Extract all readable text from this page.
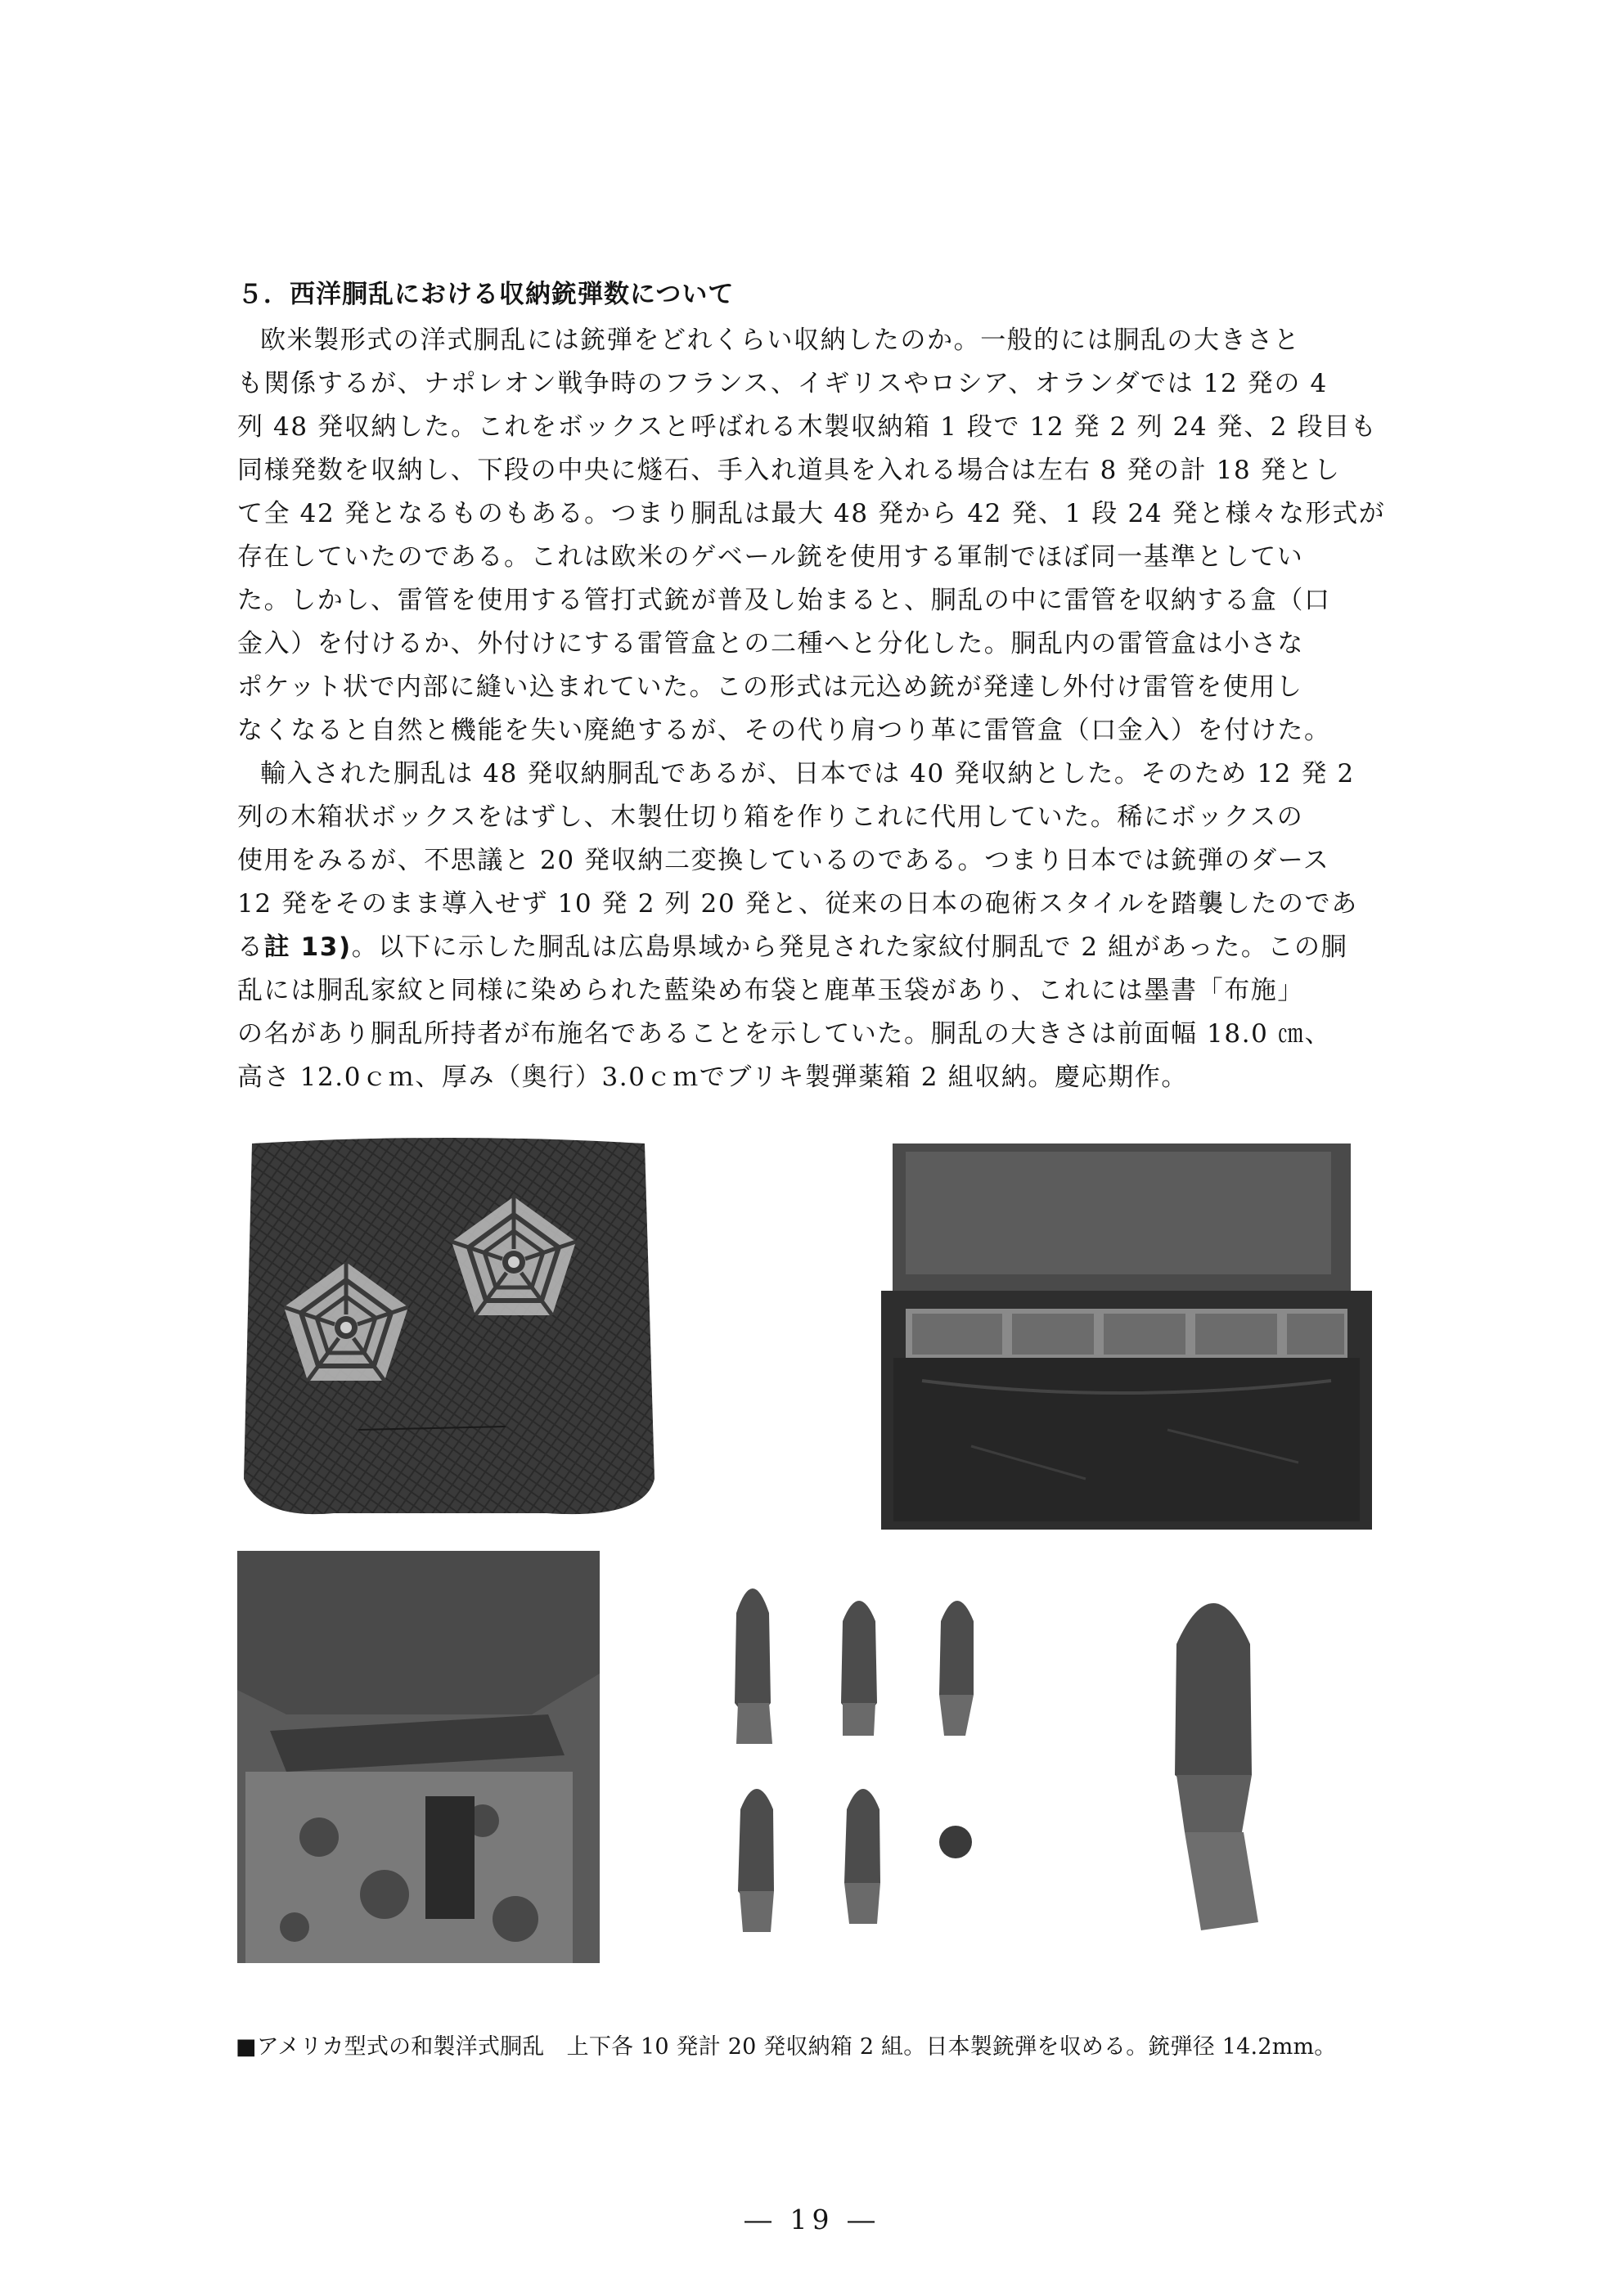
５．西洋胴乱における収納銃弾数について
欧米製形式の洋式胴乱には銃弾をどれくらい収納したのか。一般的には胴乱の大きさと
も関係するが、ナポレオン戦争時のフランス、イギリスやロシア、オランダでは 12 発の 4
列 48 発収納した。これをボックスと呼ばれる木製収納箱 1 段で 12 発 2 列 24 発、2 段目も
同様発数を収納し、下段の中央に燧石、手入れ道具を入れる場合は左右 8 発の計 18 発とし
て全 42 発となるものもある。つまり胴乱は最大 48 発から 42 発、1 段 24 発と様々な形式が
存在していたのである。これは欧米のゲベール銃を使用する軍制でほぼ同一基準としてい
た。しかし、雷管を使用する管打式銃が普及し始まると、胴乱の中に雷管を収納する盒（口
金入）を付けるか、外付けにする雷管盒との二種へと分化した。胴乱内の雷管盒は小さな
ポケット状で内部に縫い込まれていた。この形式は元込め銃が発達し外付け雷管を使用し
なくなると自然と機能を失い廃絶するが、その代り肩つり革に雷管盒（口金入）を付けた。
輸入された胴乱は 48 発収納胴乱であるが、日本では 40 発収納とした。そのため 12 発 2
列の木箱状ボックスをはずし、木製仕切り箱を作りこれに代用していた。稀にボックスの
使用をみるが、不思議と 20 発収納二変換しているのである。つまり日本では銃弾のダース
12 発をそのまま導入せず 10 発 2 列 20 発と、従来の日本の砲術スタイルを踏襲したのであ
る註 13)。以下に示した胴乱は広島県域から発見された家紋付胴乱で 2 組があった。この胴
乱には胴乱家紋と同様に染められた藍染め布袋と鹿革玉袋があり、これには墨書「布施」
の名があり胴乱所持者が布施名であることを示していた。胴乱の大きさは前面幅 18.0 ㎝、
高さ 12.0ｃｍ、厚み（奥行）3.0ｃｍでブリキ製弾薬箱 2 組収納。慶応期作。
■アメリカ型式の和製洋式胴乱　上下各 10 発計 20 発収納箱 2 組。日本製銃弾を収める。銃弾径 14.2mm。
― 19 ―
